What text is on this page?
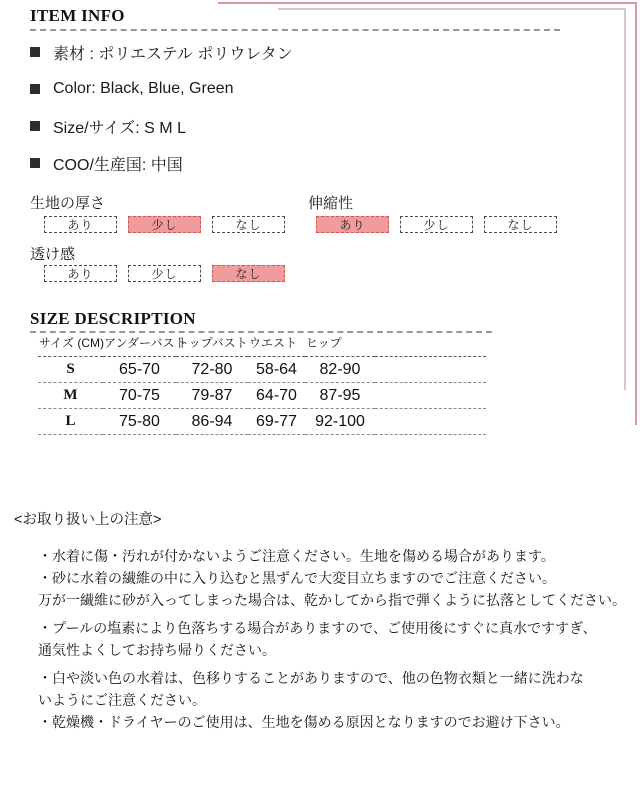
ITEM INFO
素材 : ポリエステル ポリウレタン
Color: Black, Blue, Green
Size/サイズ: S M L
COO/生産国: 中国
生地の厚さ
あり	少し	なし
伸縮性
あり	少し	なし
透け感
あり	少し	なし
SIZE DESCRIPTION
サイズ (CM)	アンダーバスト	トップバスト	ウエスト	ヒップ	
S	65-70	72-80	58-64	82-90	
M	70-75	79-87	64-70	87-95	
L	75-80	86-94	69-77	92-100	
<お取り扱い上の注意>
・水着に傷・汚れが付かないようご注意ください。生地を傷める場合があります。
・砂に水着の繊維の中に入り込むと黒ずんで大変目立ちますのでご注意ください。
万が一繊維に砂が入ってしまった場合は、乾かしてから指で弾くように払落としてください。
・プールの塩素により色落ちする場合がありますので、ご使用後にすぐに真水ですすぎ、
通気性よくしてお持ち帰りください。
・白や淡い色の水着は、色移りすることがありますので、他の色物衣類と一緒に洗わな
いようにご注意ください。
・乾燥機・ドライヤーのご使用は、生地を傷める原因となりますのでお避け下さい。
